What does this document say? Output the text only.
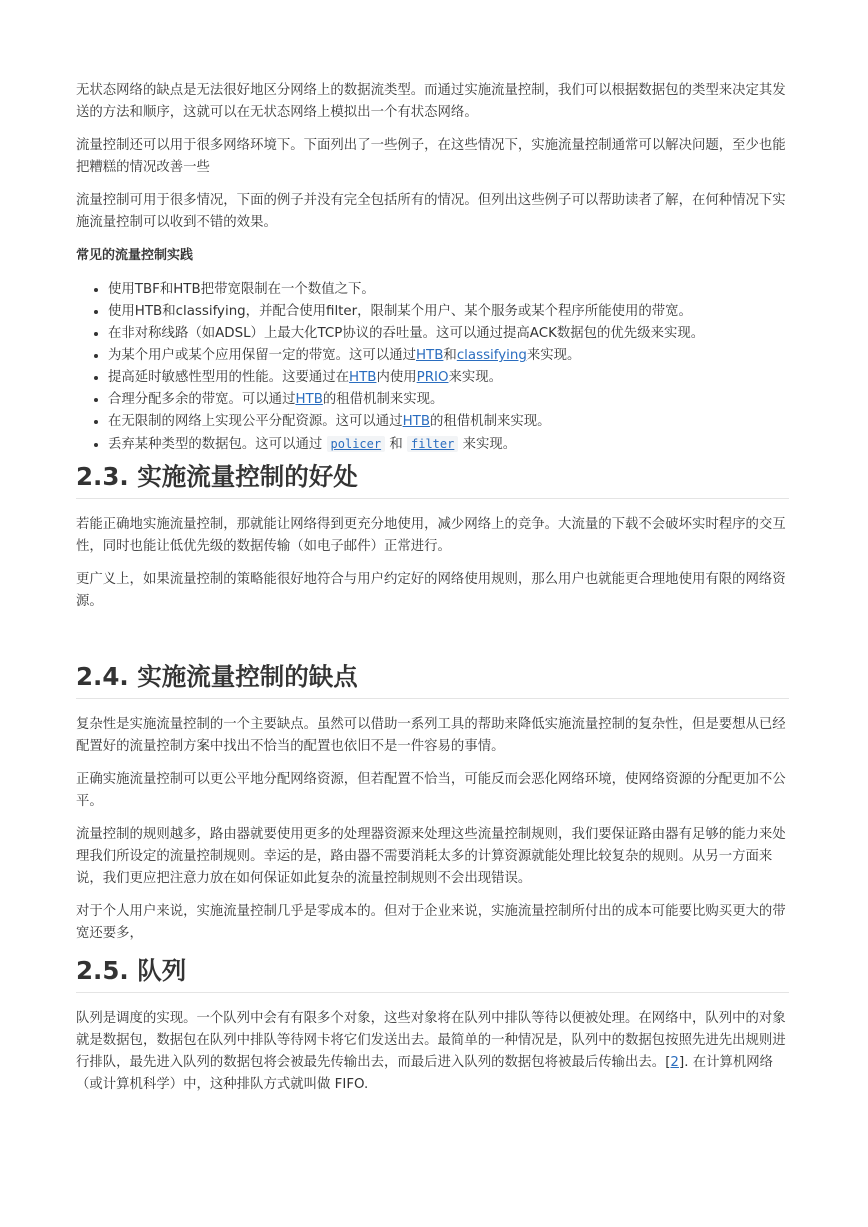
无状态网络的缺点是无法很好地区分网络上的数据流类型。而通过实施流量控制，我们可以根据数据包的类型来决定其发送的方法和顺序，这就可以在无状态网络上模拟出一个有状态网络。

流量控制还可以用于很多网络环境下。下面列出了一些例子，在这些情况下，实施流量控制通常可以解决问题，至少也能把糟糕的情况改善一些

流量控制可用于很多情况，下面的例子并没有完全包括所有的情况。但列出这些例子可以帮助读者了解，在何种情况下实施流量控制可以收到不错的效果。

常见的流量控制实践
• 使用TBF和HTB把带宽限制在一个数值之下。
• 使用HTB和classifying，并配合使用filter，限制某个用户、某个服务或某个程序所能使用的带宽。
• 在非对称线路（如ADSL）上最大化TCP协议的吞吐量。这可以通过提高ACK数据包的优先级来实现。
• 为某个用户或某个应用保留一定的带宽。这可以通过HTB和classifying来实现。
• 提高延时敏感性型用的性能。这要通过在HTB内使用PRIO来实现。
• 合理分配多余的带宽。可以通过HTB的租借机制来实现。
• 在无限制的网络上实现公平分配资源。这可以通过HTB的租借机制来实现。
• 丢弃某种类型的数据包。这可以通过 policer 和 filter 来实现。
2.3. 实施流量控制的好处

若能正确地实施流量控制，那就能让网络得到更充分地使用，减少网络上的竞争。大流量的下载不会破坏实时程序的交互性，同时也能让低优先级的数据传输（如电子邮件）正常进行。

更广义上，如果流量控制的策略能很好地符合与用户约定好的网络使用规则，那么用户也就能更合理地使用有限的网络资源。

2.4. 实施流量控制的缺点

复杂性是实施流量控制的一个主要缺点。虽然可以借助一系列工具的帮助来降低实施流量控制的复杂性，但是要想从已经配置好的流量控制方案中找出不恰当的配置也依旧不是一件容易的事情。

正确实施流量控制可以更公平地分配网络资源，但若配置不恰当，可能反而会恶化网络环境，使网络资源的分配更加不公平。

流量控制的规则越多，路由器就要使用更多的处理器资源来处理这些流量控制规则，我们要保证路由器有足够的能力来处理我们所设定的流量控制规则。幸运的是，路由器不需要消耗太多的计算资源就能处理比较复杂的规则。从另一方面来说，我们更应把注意力放在如何保证如此复杂的流量控制规则不会出现错误。

对于个人用户来说，实施流量控制几乎是零成本的。但对于企业来说，实施流量控制所付出的成本可能要比购买更大的带宽还要多，

2.5. 队列

队列是调度的实现。一个队列中会有有限多个对象，这些对象将在队列中排队等待以便被处理。在网络中，队列中的对象就是数据包，数据包在队列中排队等待网卡将它们发送出去。最简单的一种情况是，队列中的数据包按照先进先出规则进行排队，最先进入队列的数据包将会被最先传输出去，而最后进入队列的数据包将被最后传输出去。[2]. 在计算机网络（或计算机科学）中，这种排队方式就叫做 FIFO.
